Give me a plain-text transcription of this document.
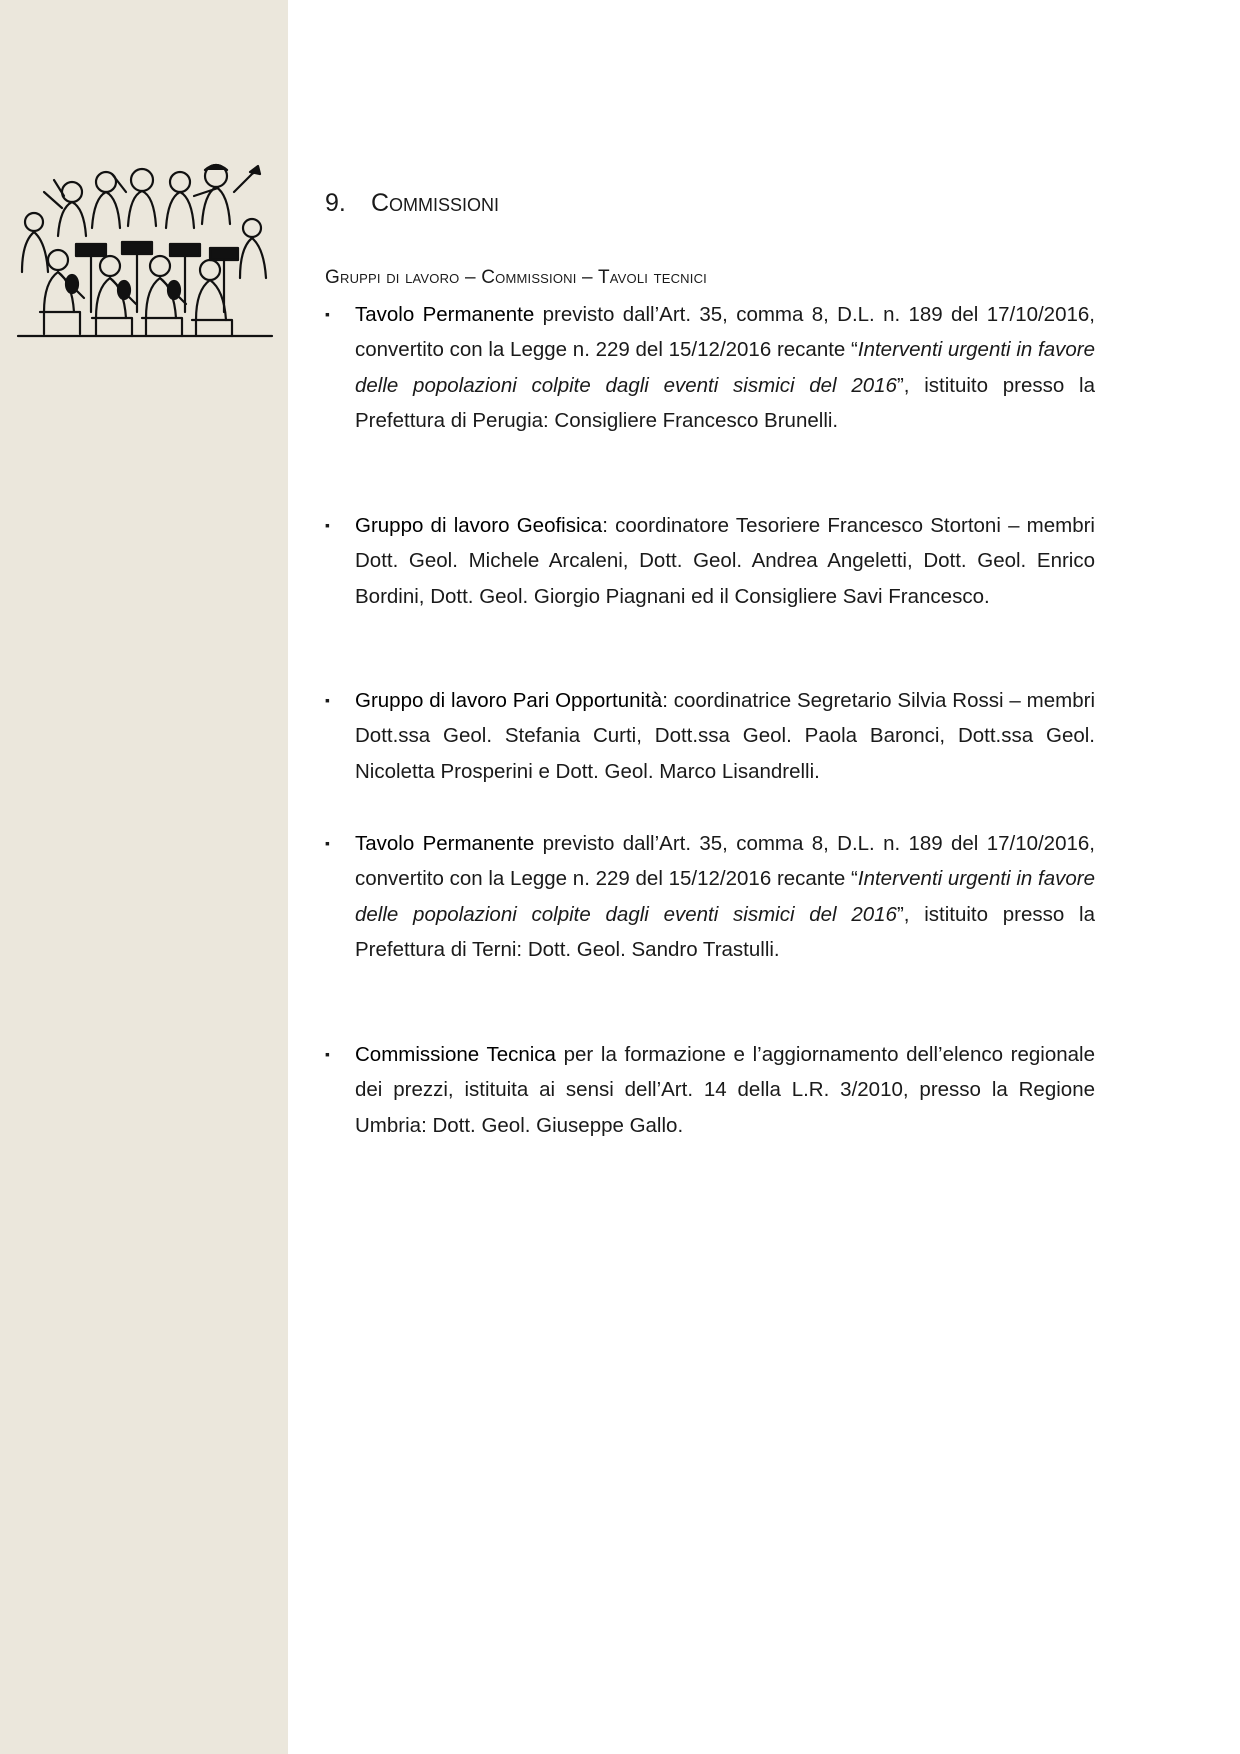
9. Commissioni
Gruppi di lavoro – Commissioni – Tavoli tecnici
▪	Tavolo Permanente previsto dall’Art. 35, comma 8, D.L. n. 189 del 17/10/2016, convertito con la Legge n. 229 del 15/12/2016 recante “Interventi urgenti in favore delle popolazioni colpite dagli eventi sismici del 2016”, istituito presso la Prefettura di Perugia: Consigliere Francesco Brunelli.
▪	Gruppo di lavoro Geofisica: coordinatore Tesoriere Francesco Stortoni – membri Dott. Geol. Michele Arcaleni, Dott. Geol. Andrea Angeletti, Dott. Geol. Enrico Bordini, Dott. Geol. Giorgio Piagnani ed il Consigliere Savi Francesco.
▪	Gruppo di lavoro Pari Opportunità: coordinatrice Segretario Silvia Rossi – membri Dott.ssa Geol. Stefania Curti, Dott.ssa Geol. Paola Baronci, Dott.ssa Geol. Nicoletta Prosperini e Dott. Geol. Marco Lisandrelli.
▪	Tavolo Permanente previsto dall’Art. 35, comma 8, D.L. n. 189 del 17/10/2016, convertito con la Legge n. 229 del 15/12/2016 recante “Interventi urgenti in favore delle popolazioni colpite dagli eventi sismici del 2016”, istituito presso la Prefettura di Terni: Dott. Geol. Sandro Trastulli.
▪	Commissione Tecnica per la formazione e l’aggiornamento dell’elenco regionale dei prezzi, istituita ai sensi dell’Art. 14 della L.R. 3/2010, presso la Regione Umbria: Dott. Geol. Giuseppe Gallo.
